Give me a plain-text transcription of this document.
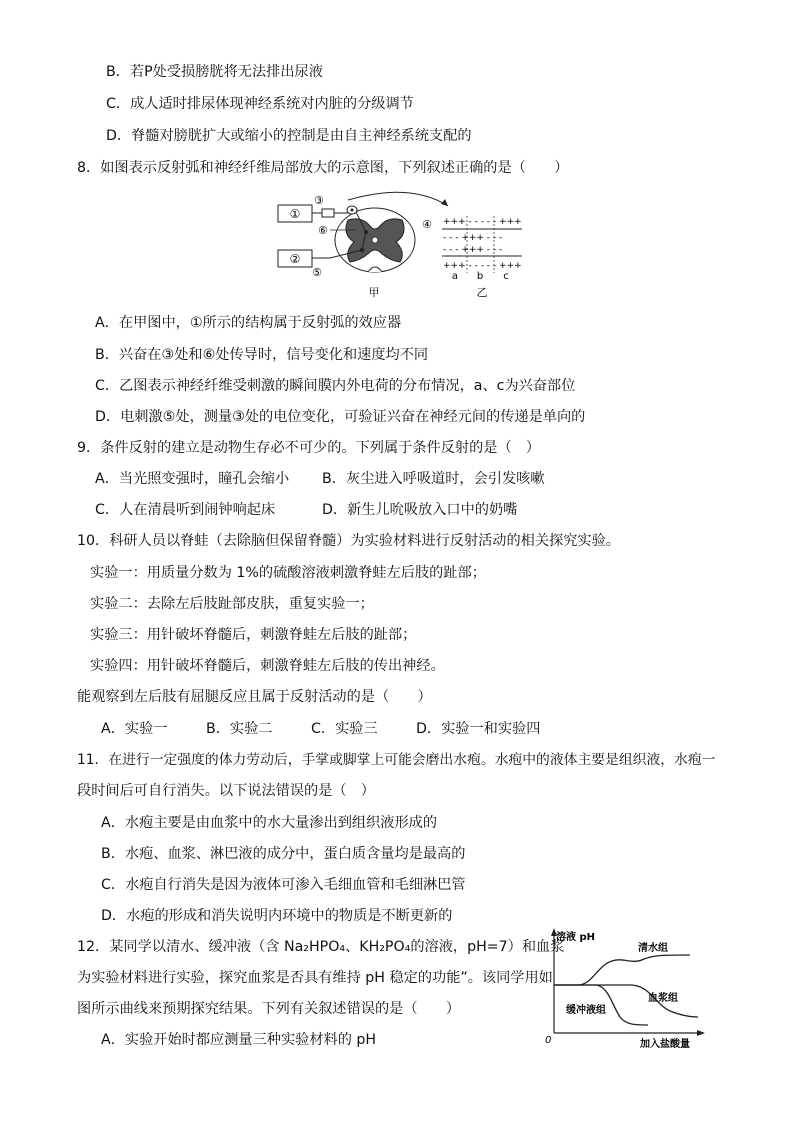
B．若P处受损膀胱将无法排出尿液
C．成人适时排尿体现神经系统对内脏的分级调节
D．脊髓对膀胱扩大或缩小的控制是由自主神经系统支配的
8．如图表示反射弧和神经纤维局部放大的示意图，下列叙述正确的是（　　）
①
②
③
④
⑤
⑥
甲
+++ - - - - - +++
- - - +++ - - -
- - - +++ - - -
+++ - - - - - +++
a b c
乙
A．在甲图中，①所示的结构属于反射弧的效应器
B．兴奋在③处和⑥处传导时，信号变化和速度均不同
C．乙图表示神经纤维受刺激的瞬间膜内外电荷的分布情况，a、c为兴奋部位
D．电刺激⑤处，测量③处的电位变化，可验证兴奋在神经元间的传递是单向的
9．条件反射的建立是动物生存必不可少的。下列属于条件反射的是（　）
A．当光照变强时，瞳孔会缩小 B．灰尘进入呼吸道时，会引发咳嗽
C．人在清晨听到闹钟响起床	D．新生儿吮吸放入口中的奶嘴
10．科研人员以脊蛙（去除脑但保留脊髓）为实验材料进行反射活动的相关探究实验。
实验一：用质量分数为 1%的硫酸溶液刺激脊蛙左后肢的趾部；
实验二：去除左后肢趾部皮肤，重复实验一；
实验三：用针破坏脊髓后，刺激脊蛙左后肢的趾部；
实验四：用针破坏脊髓后，刺激脊蛙左后肢的传出神经。
能观察到左后肢有屈腿反应且属于反射活动的是（　　）
A．实验一	B．实验二	C．实验三	D．实验一和实验四
11．在进行一定强度的体力劳动后，手掌或脚掌上可能会磨出水疱。水疱中的液体主要是组织液，水疱一
段时间后可自行消失。以下说法错误的是（　）
A．水疱主要是由血浆中的水大量渗出到组织液形成的
B．水疱、血浆、淋巴液的成分中，蛋白质含量均是最高的
C．水疱自行消失是因为液体可渗入毛细血管和毛细淋巴管
D．水疱的形成和消失说明内环境中的物质是不断更新的
12．某同学以清水、缓冲液（含 Na₂HPO₄、KH₂PO₄的溶液，pH=7）和血浆
为实验材料进行实验，探究血浆是否具有维持 pH 稳定的功能”。该同学用如
图所示曲线来预期探究结果。下列有关叙述错误的是（　　）
A．实验开始时都应测量三种实验材料的 pH
溶液 pH
0	加入盐酸量
清水组
血浆组
缓冲液组
